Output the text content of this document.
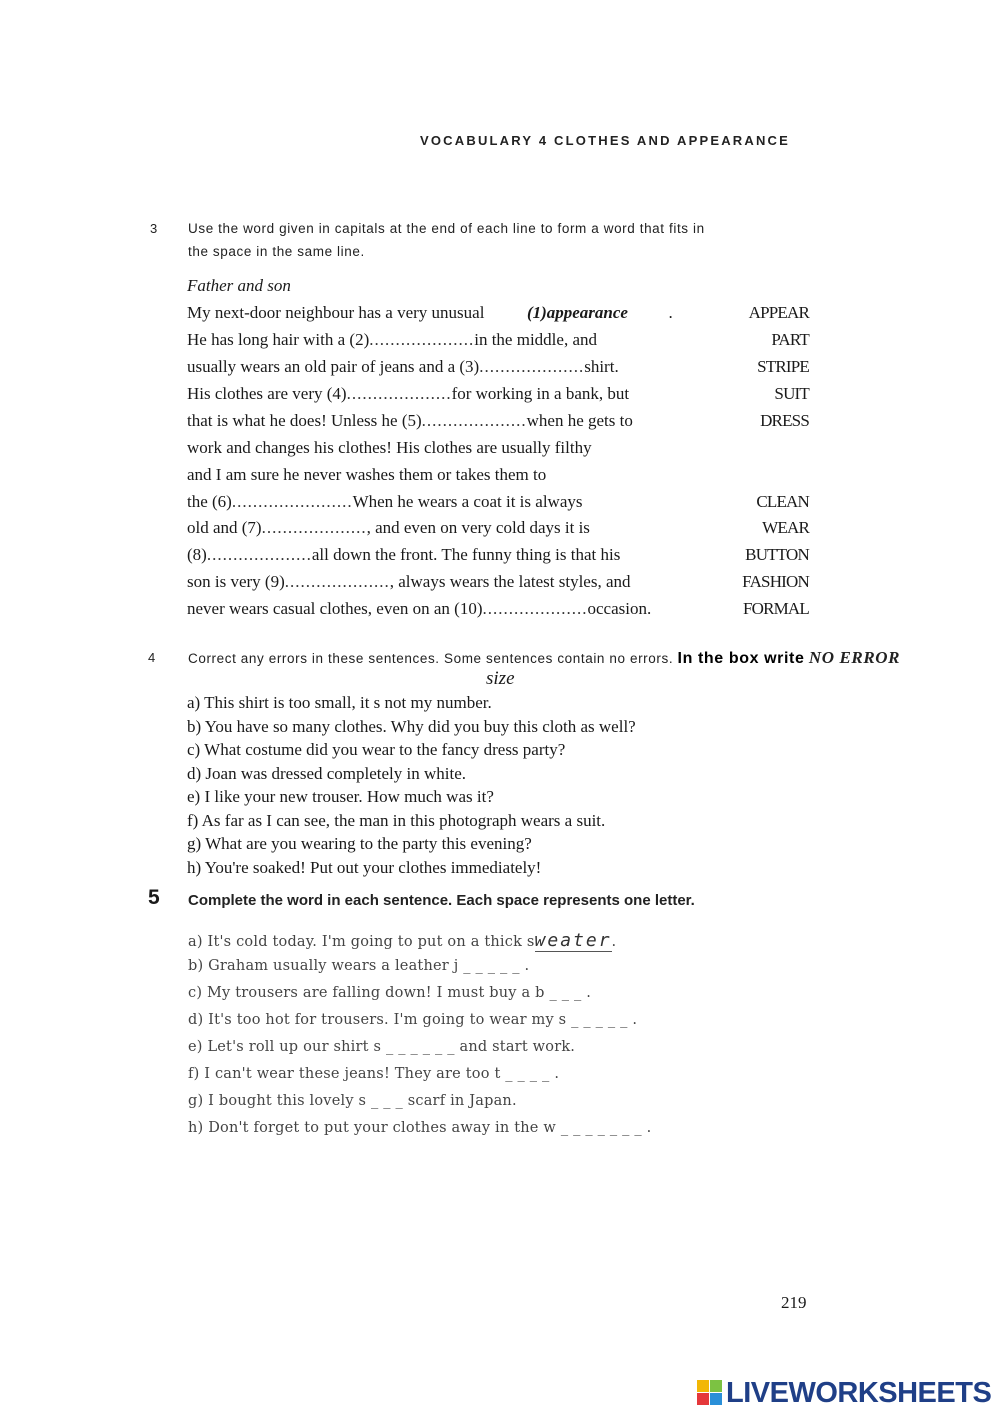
VOCABULARY 4 CLOTHES AND APPEARANCE
3 Use the word given in capitals at the end of each line to form a word that fits in
the space in the same line.
Father and son
My next-door neighbour has a very unusual	(1)appearance .	APPEAR
He has long hair with a (2)....................in the middle, and	PART
usually wears an old pair of jeans and a (3)....................shirt.	STRIPE
His clothes are very (4)....................for working in a bank, but	SUIT
that is what he does! Unless he (5)....................when he gets to	DRESS
work and changes his clothes! His clothes are usually filthy
and I am sure he never washes them or takes them to
the (6).......................When he wears a coat it is always	CLEAN
old and (7)...................., and even on very cold days it is	WEAR
(8)....................all down the front. The funny thing is that his	BUTTON
son is very (9)...................., always wears the latest styles, and	FASHION
never wears casual clothes, even on an (10)....................occasion.	FORMAL
4 Correct any errors in these sentences. Some sentences contain no errors. In the box write NO ERROR
size
a) This shirt is too small, it s not my number.
b) You have so many clothes. Why did you buy this cloth as well?
c) What costume did you wear to the fancy dress party?
d) Joan was dressed completely in white.
e) I like your new trouser. How much was it?
f) As far as I can see, the man in this photograph wears a suit.
g) What are you wearing to the party this evening?
h) You're soaked! Put out your clothes immediately!
5 Complete the word in each sentence. Each space represents one letter.
a) It's cold today. I'm going to put on a thick sweater.
b) Graham usually wears a leather j _ _ _ _ _ .
c) My trousers are falling down! I must buy a b _ _ _ .
d) It's too hot for trousers. I'm going to wear my s _ _ _ _ _ .
e) Let's roll up our shirt s _ _ _ _ _ _ and start work.
f) I can't wear these jeans! They are too t _ _ _ _ .
g) I bought this lovely s _ _ _ scarf in Japan.
h) Don't forget to put your clothes away in the w _ _ _ _ _ _ _ .
219
LIVEWORKSHEETS
